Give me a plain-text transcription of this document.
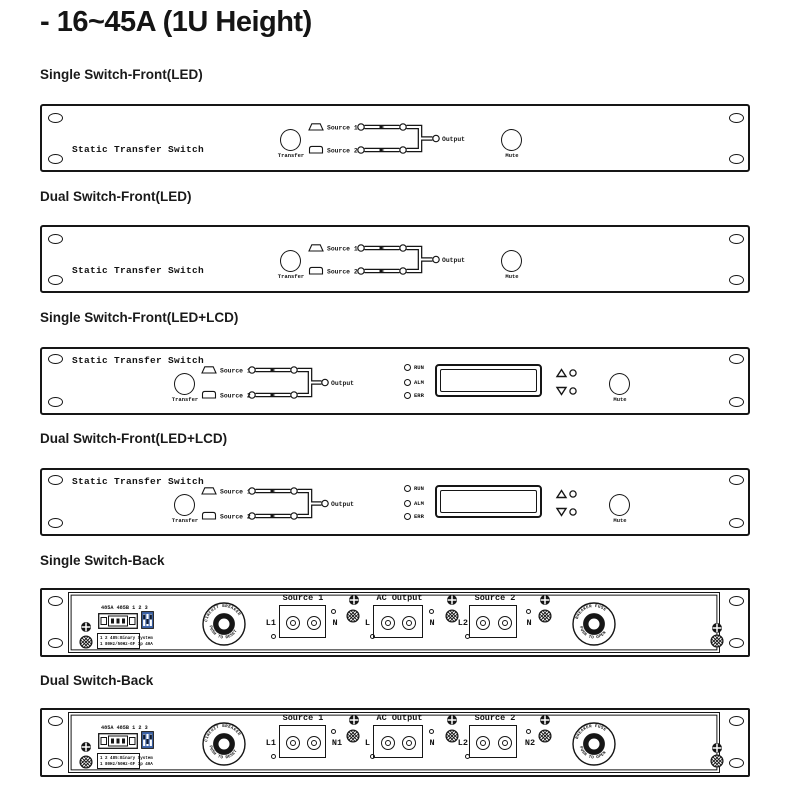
- 16~45A (1U Height)
Single Switch-Front(LED)
Dual Switch-Front(LED)
Single Switch-Front(LED+LCD)
Dual Switch-Front(LED+LCD)
Single Switch-Back
Dual Switch-Back
Static Transfer Switch
Transfer	Mute
Static Transfer Switch
Transfer	Mute
Static Transfer Switch
Transfer
RUN
ALM
ERR
Mute
Static Transfer Switch
Transfer
RUN
ALM
ERR
Mute
485A 485B 1 2 3
1 2 485:Binary System
1 80Hz/50Hz-GF 1p 40A
CIRCUIT BREAKER
PUSH TO RESET
Source 1
L1	N
AC Output
L	N
Source 2
L2	N
BREAKER FUSE
PUSH TO OPEN
485A 485B 1 2 3
1 2 485:Binary System
1 80Hz/50Hz-GF 1p 40A
CIRCUIT BREAKER
PUSH TO RESET
Source 1
L1	N1
AC Output
L	N
Source 2
L2	N2
BREAKER FUSE
PUSH TO OPEN
